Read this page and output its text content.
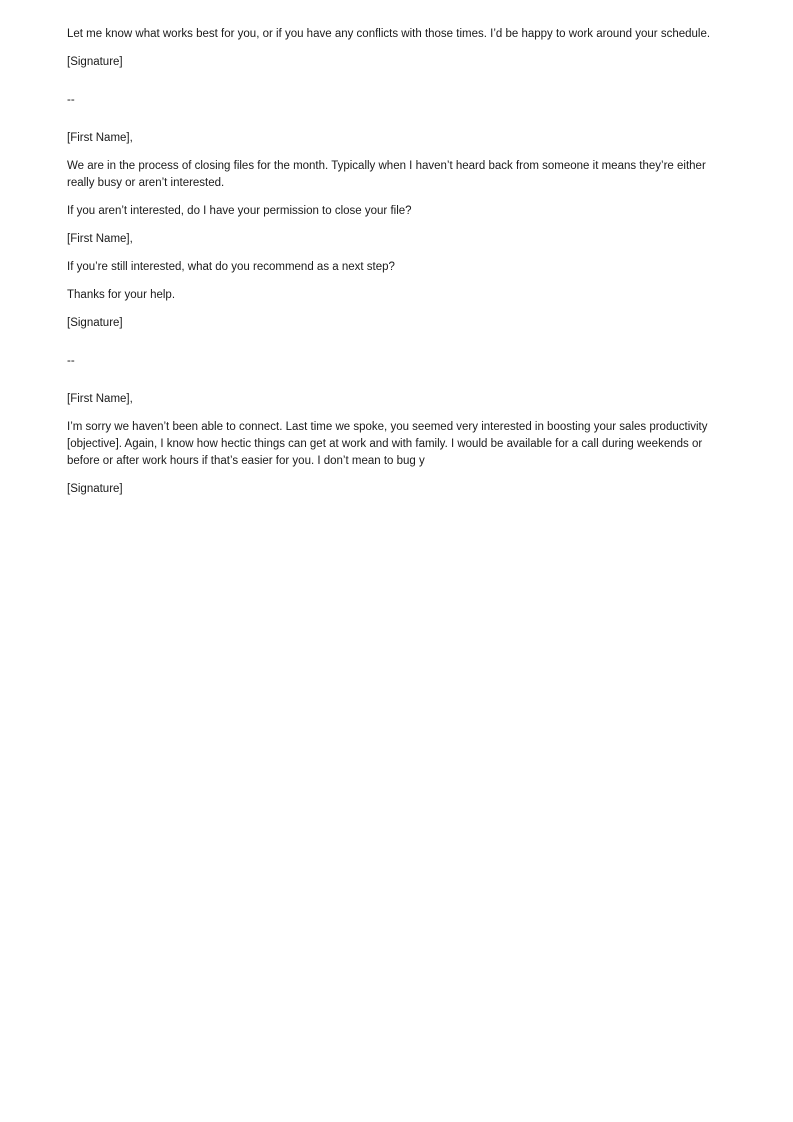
Let me know what works best for you, or if you have any conflicts with those times. I’d be happy to work around your schedule.

[Signature]

--

[First Name],

We are in the process of closing files for the month. Typically when I haven’t heard back from someone it means they’re either really busy or aren’t interested.

If you aren’t interested, do I have your permission to close your file?

[First Name],

If you’re still interested, what do you recommend as a next step?

Thanks for your help.

[Signature]

--

[First Name],

I’m sorry we haven’t been able to connect. Last time we spoke, you seemed very interested in boosting your sales productivity [objective]. Again, I know how hectic things can get at work and with family. I would be available for a call during weekends or before or after work hours if that’s easier for you. I don’t mean to bug y

[Signature]
